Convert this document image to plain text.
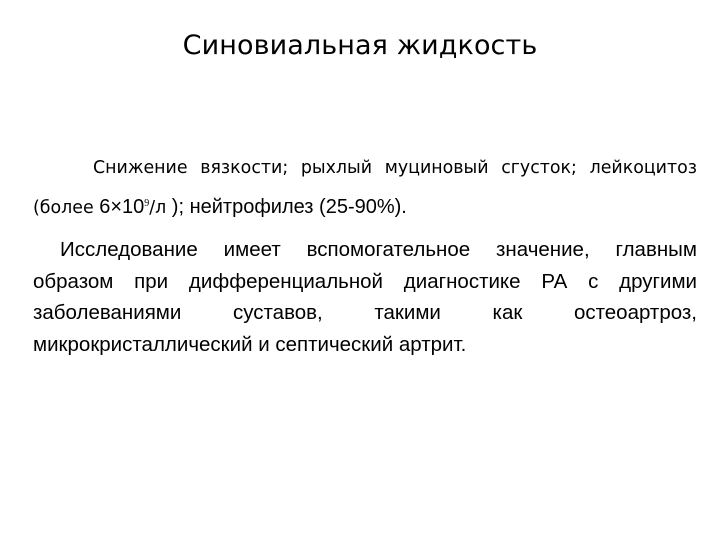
Синовиальная жидкость

Снижение вязкости; рыхлый муциновый сгусток; лейкоцитоз (более $6\times 10^9/л$ ); нейтрофилез (25-90%).

Исследование имеет вспомогательное значение, главным образом при дифференциальной диагностике РА с другими заболеваниями суставов, такими как остеоартроз, микрокристаллический и септический артрит.
